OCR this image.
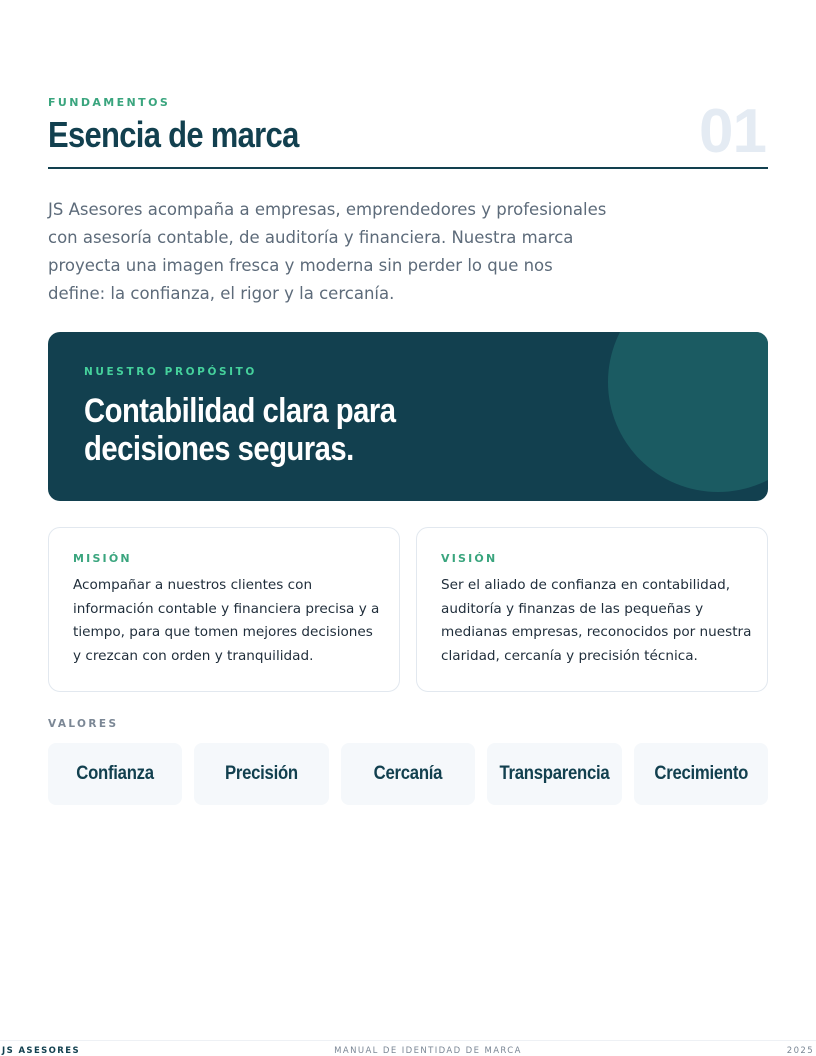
FUNDAMENTOS
Esencia de marca	01

JS Asesores acompaña a empresas, emprendedores y profesionales con asesoría contable, de auditoría y financiera. Nuestra marca proyecta una imagen fresca y moderna sin perder lo que nos define: la confianza, el rigor y la cercanía.

NUESTRO PROPÓSITO
Contabilidad clara para decisiones seguras.
MISIÓN

Acompañar a nuestros clientes con información contable y financiera precisa y a tiempo, para que tomen mejores decisiones y crezcan con orden y tranquilidad.

VISIÓN

Ser el aliado de confianza en contabilidad, auditoría y finanzas de las pequeñas y medianas empresas, reconocidos por nuestra claridad, cercanía y precisión técnica.

VALORES
Confianza	Precisión	Cercanía	Transparencia Crecimiento
JS ASESORES	MANUAL DE IDENTIDAD DE MARCA	2025
